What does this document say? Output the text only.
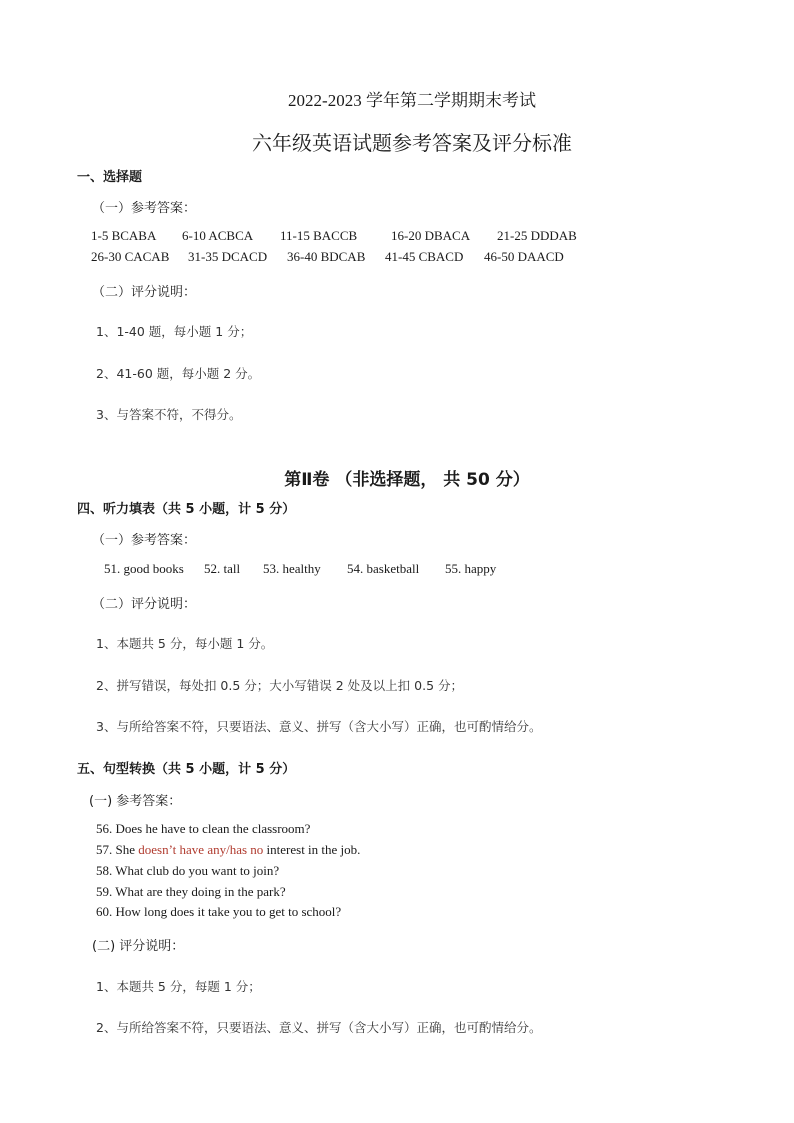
2022-2023 学年第二学期期末考试
六年级英语试题参考答案及评分标准
一、选择题
（一）参考答案：
1-5 BCABA 6-10 ACBCA 11-15 BACCB	16-20 DBACA 21-25 DDDAB
26-30 CACAB 31-35 DCACD 36-40 BDCAB 41-45 CBACD 46-50 DAACD
（二）评分说明：
1、1-40 题，每小题 1 分；
2、41-60 题，每小题 2 分。
3、与答案不符，不得分。
第Ⅱ卷 （非选择题， 共 50 分）
四、听力填表（共 5 小题，计 5 分）
（一）参考答案：
51. good books 52. tall 53. healthy 54. basketball 55. happy
（二）评分说明：
1、本题共 5 分，每小题 1 分。
2、拼写错误，每处扣 0.5 分；大小写错误 2 处及以上扣 0.5 分；
3、与所给答案不符，只要语法、意义、拼写（含大小写）正确，也可酌情给分。
五、句型转换（共 5 小题，计 5 分）
(一) 参考答案：
56. Does he have to clean the classroom?
57. She doesn’t have any/has no interest in the job.
58. What club do you want to join?
59. What are they doing in the park?
60. How long does it take you to get to school?
(二) 评分说明：
1、本题共 5 分，每题 1 分；
2、与所给答案不符，只要语法、意义、拼写（含大小写）正确，也可酌情给分。
